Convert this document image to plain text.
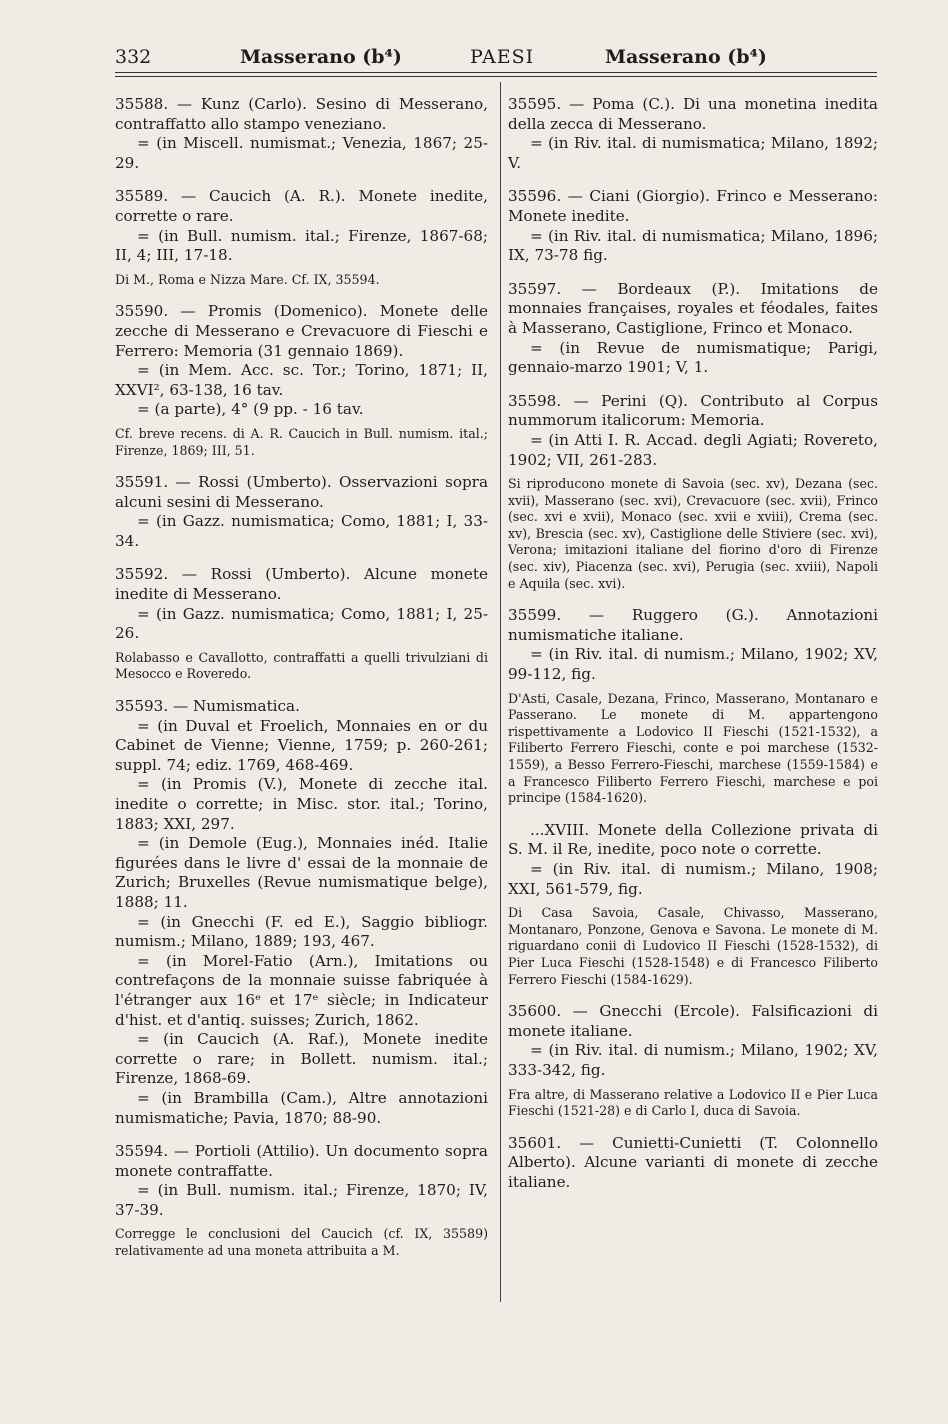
332	Masserano (b⁴)	PAESI	Masserano (b⁴)

35588. — Kunz (Carlo). Sesino di Messerano, contraffatto allo stampo veneziano.

= (in Miscell. numismat.; Venezia, 1867; 25-29.

35589. — Caucich (A. R.). Monete inedite, corrette o rare.

= (in Bull. numism. ital.; Firenze, 1867-68; II, 4; III, 17-18.

Di M., Roma e Nizza Mare. Cf. IX, 35594.

35590. — Promis (Domenico). Monete delle zecche di Messerano e Crevacuore di Fieschi e Ferrero: Memoria (31 gennaio 1869).

= (in Mem. Acc. sc. Tor.; Torino, 1871; II, XXVI², 63-138, 16 tav.

= (a parte), 4° (9 pp. - 16 tav.

Cf. breve recens. di A. R. Caucich in Bull. numism. ital.; Firenze, 1869; III, 51.

35591. — Rossi (Umberto). Osservazioni sopra alcuni sesini di Messerano.

= (in Gazz. numismatica; Como, 1881; I, 33-34.

35592. — Rossi (Umberto). Alcune monete inedite di Messerano.

= (in Gazz. numismatica; Como, 1881; I, 25-26.

Rolabasso e Cavallotto, contraffatti a quelli trivulziani di Mesocco e Roveredo.

35593. — Numismatica.

= (in Duval et Froelich, Monnaies en or du Cabinet de Vienne; Vienne, 1759; p. 260-261; suppl. 74; ediz. 1769, 468-469.

= (in Promis (V.), Monete di zecche ital. inedite o corrette; in Misc. stor. ital.; Torino, 1883; XXI, 297.

= (in Demole (Eug.), Monnaies inéd. Italie figurées dans le livre d' essai de la monnaie de Zurich; Bruxelles (Revue numismatique belge), 1888; 11.

= (in Gnecchi (F. ed E.), Saggio bibliogr. numism.; Milano, 1889; 193, 467.

= (in Morel-Fatio (Arn.), Imitations ou contrefaçons de la monnaie suisse fabriquée à l'étranger aux 16ᵉ et 17ᵉ siècle; in Indicateur d'hist. et d'antiq. suisses; Zurich, 1862.

= (in Caucich (A. Raf.), Monete inedite corrette o rare; in Bollett. numism. ital.; Firenze, 1868-69.

= (in Brambilla (Cam.), Altre annotazioni numismatiche; Pavia, 1870; 88-90.

35594. — Portioli (Attilio). Un documento sopra monete contraffatte.

= (in Bull. numism. ital.; Firenze, 1870; IV, 37-39.

Corregge le conclusioni del Caucich (cf. IX, 35589) relativamente ad una moneta attribuita a M.

35595. — Poma (C.). Di una monetina inedita della zecca di Messerano.

= (in Riv. ital. di numismatica; Milano, 1892; V.

35596. — Ciani (Giorgio). Frinco e Messerano: Monete inedite.

= (in Riv. ital. di numismatica; Milano, 1896; IX, 73-78 fig.

35597. — Bordeaux (P.). Imitations de monnaies françaises, royales et féodales, faites à Masserano, Castiglione, Frinco et Monaco.

= (in Revue de numismatique; Parigi, gennaio-marzo 1901; V, 1.

35598. — Perini (Q). Contributo al Corpus nummorum italicorum: Memoria.

= (in Atti I. R. Accad. degli Agiati; Rovereto, 1902; VII, 261-283.

Si riproducono monete di Savoia (sec. xv), Dezana (sec. xvii), Masserano (sec. xvi), Crevacuore (sec. xvii), Frinco (sec. xvi e xvii), Monaco (sec. xvii e xviii), Crema (sec. xv), Brescia (sec. xv), Castiglione delle Stiviere (sec. xvi), Verona; imitazioni italiane del fiorino d'oro di Firenze (sec. xiv), Piacenza (sec. xvi), Perugia (sec. xviii), Napoli e Aquila (sec. xvi).

35599. — Ruggero (G.). Annotazioni numismatiche italiane.

= (in Riv. ital. di numism.; Milano, 1902; XV, 99-112, fig.

D'Asti, Casale, Dezana, Frinco, Masserano, Montanaro e Passerano. Le monete di M. appartengono rispettivamente a Lodovico II Fieschi (1521-1532), a Filiberto Ferrero Fieschi, conte e poi marchese (1532-1559), a Besso Ferrero-Fieschi, marchese (1559-1584) e a Francesco Filiberto Ferrero Fieschi, marchese e poi principe (1584-1620).

...XVIII. Monete della Collezione privata di S. M. il Re, inedite, poco note o corrette.

= (in Riv. ital. di numism.; Milano, 1908; XXI, 561-579, fig.

Di Casa Savoia, Casale, Chivasso, Masserano, Montanaro, Ponzone, Genova e Savona. Le monete di M. riguardano conii di Ludovico II Fieschi (1528-1532), di Pier Luca Fieschi (1528-1548) e di Francesco Filiberto Ferrero Fieschi (1584-1629).

35600. — Gnecchi (Ercole). Falsificazioni di monete italiane.

= (in Riv. ital. di numism.; Milano, 1902; XV, 333-342, fig.

Fra altre, di Masserano relative a Lodovico II e Pier Luca Fieschi (1521-28) e di Carlo I, duca di Savoia.

35601. — Cunietti-Cunietti (T. Colonnello Alberto). Alcune varianti di monete di zecche italiane.
